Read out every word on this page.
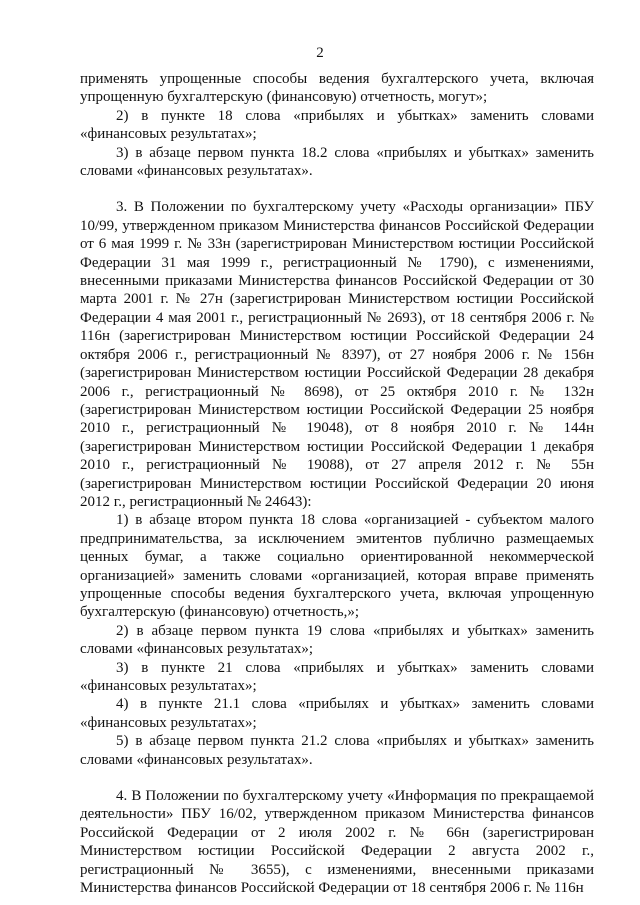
2

применять упрощенные способы ведения бухгалтерского учета, включая упрощенную бухгалтерскую (финансовую) отчетность, могут»;

2) в пункте 18 слова «прибылях и убытках» заменить словами «финансовых результатах»;

3) в абзаце первом пункта 18.2 слова «прибылях и убытках» заменить словами «финансовых результатах».

3. В Положении по бухгалтерскому учету «Расходы организации» ПБУ 10/99, утвержденном приказом Министерства финансов Российской Федерации от 6 мая 1999 г. № 33н (зарегистрирован Министерством юстиции Российской Федерации 31 мая 1999 г., регистрационный № 1790), с изменениями, внесенными приказами Министерства финансов Российской Федерации от 30 марта 2001 г. № 27н (зарегистрирован Министерством юстиции Российской Федерации 4 мая 2001 г., регистрационный № 2693), от 18 сентября 2006 г. № 116н (зарегистрирован Министерством юстиции Российской Федерации 24 октября 2006 г., регистрационный № 8397), от 27 ноября 2006 г. № 156н (зарегистрирован Министерством юстиции Российской Федерации 28 декабря 2006 г., регистрационный № 8698), от 25 октября 2010 г. № 132н (зарегистрирован Министерством юстиции Российской Федерации 25 ноября 2010 г., регистрационный № 19048), от 8 ноября 2010 г. № 144н (зарегистрирован Министерством юстиции Российской Федерации 1 декабря 2010 г., регистрационный № 19088), от 27 апреля 2012 г. № 55н (зарегистрирован Министерством юстиции Российской Федерации 20 июня 2012 г., регистрационный № 24643):

1) в абзаце втором пункта 18 слова «организацией - субъектом малого предпринимательства, за исключением эмитентов публично размещаемых ценных бумаг, а также социально ориентированной некоммерческой организацией» заменить словами «организацией, которая вправе применять упрощенные способы ведения бухгалтерского учета, включая упрощенную бухгалтерскую (финансовую) отчетность,»;

2) в абзаце первом пункта 19 слова «прибылях и убытках» заменить словами «финансовых результатах»;

3) в пункте 21 слова «прибылях и убытках» заменить словами «финансовых результатах»;

4) в пункте 21.1 слова «прибылях и убытках» заменить словами «финансовых результатах»;

5) в абзаце первом пункта 21.2 слова «прибылях и убытках» заменить словами «финансовых результатах».

4. В Положении по бухгалтерскому учету «Информация по прекращаемой деятельности» ПБУ 16/02, утвержденном приказом Министерства финансов Российской Федерации от 2 июля 2002 г. № 66н (зарегистрирован Министерством юстиции Российской Федерации 2 августа 2002 г., регистрационный № 3655), с изменениями, внесенными приказами Министерства финансов Российской Федерации от 18 сентября 2006 г. № 116н
